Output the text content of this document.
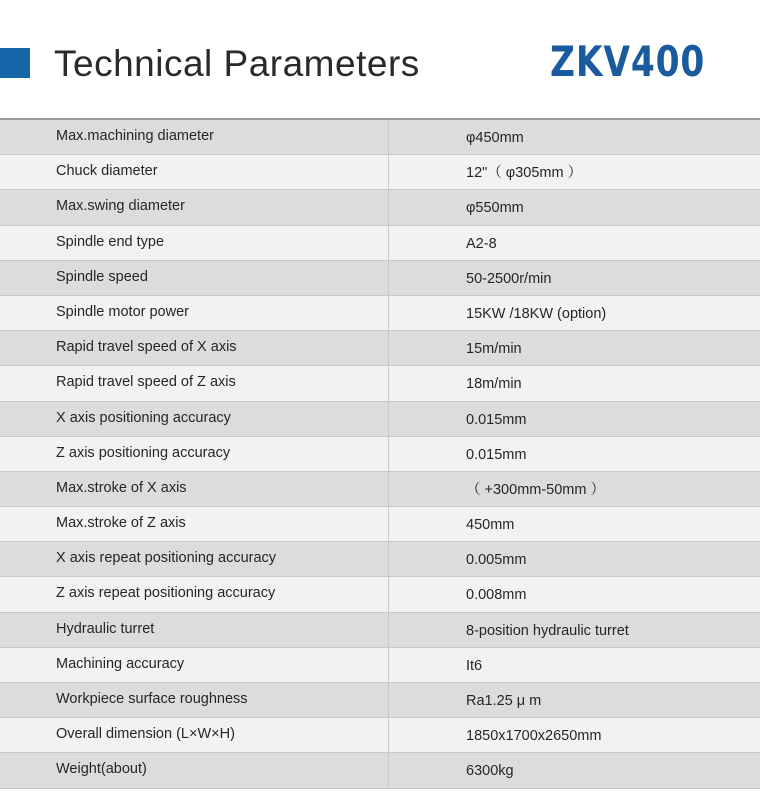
Technical Parameters	ZKV400
Max.machining diameter	φ450mm
Chuck diameter	12"（ φ305mm ）
Max.swing diameter	φ550mm
Spindle end type	A2-8
Spindle speed	50-2500r/min
Spindle motor power	15KW /18KW (option)
Rapid travel speed of X axis	15m/min
Rapid travel speed of Z axis	18m/min
X axis positioning accuracy	0.015mm
Z axis positioning accuracy	0.015mm
Max.stroke of X axis	（ +300mm-50mm ）
Max.stroke of Z axis	450mm
X axis repeat positioning accuracy	0.005mm
Z axis repeat positioning accuracy	0.008mm
Hydraulic turret	8-position hydraulic turret
Machining accuracy	It6
Workpiece surface roughness	Ra1.25 μ m
Overall dimension (L×W×H)	1850x1700x2650mm
Weight(about)	6300kg
